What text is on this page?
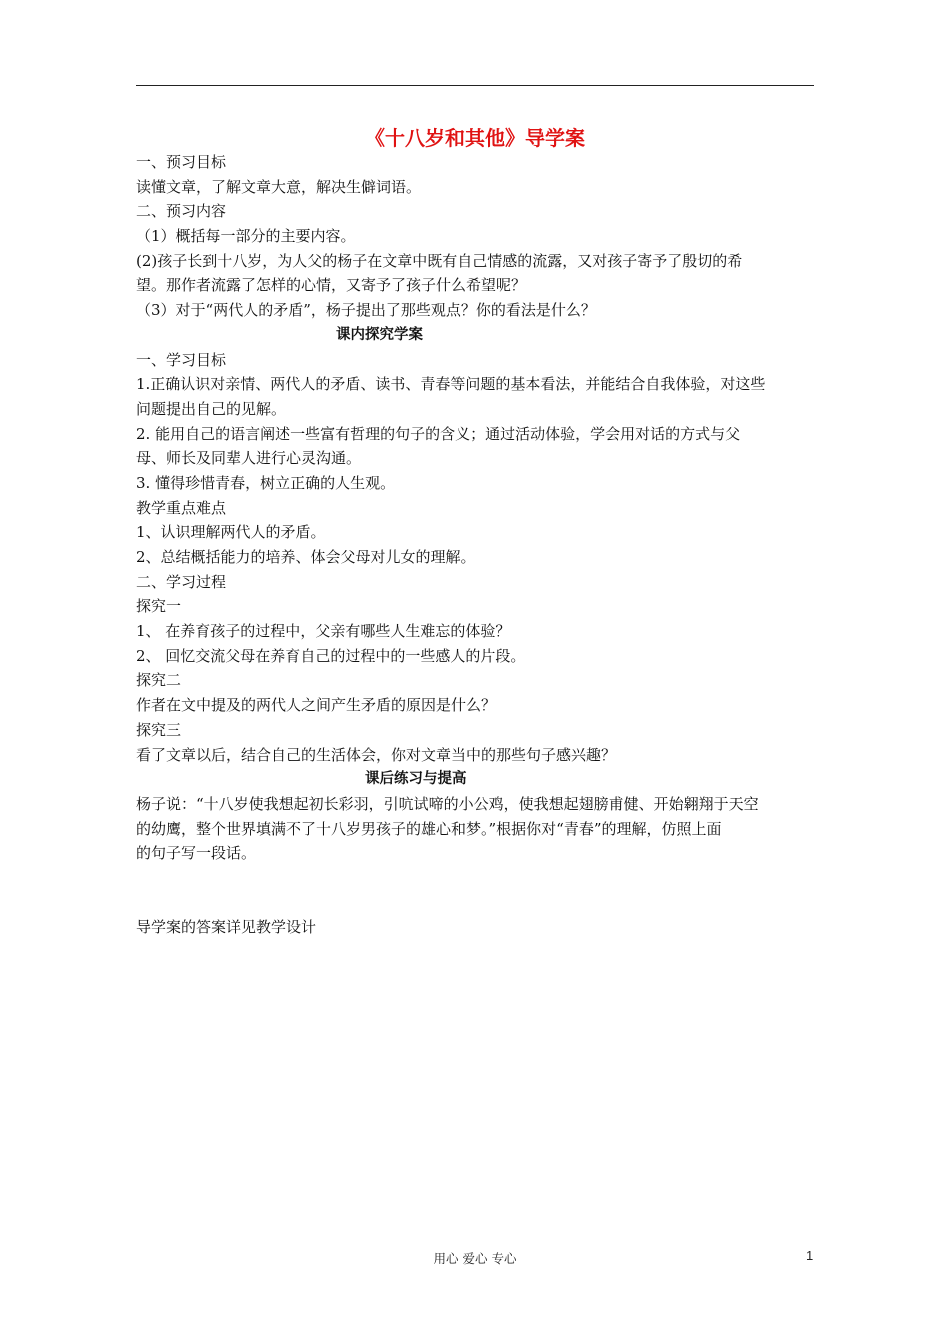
《十八岁和其他》导学案
一、预习目标
读懂文章，了解文章大意，解决生僻词语。
二、预习内容
（1）概括每一部分的主要内容。
(2)孩子长到十八岁，为人父的杨子在文章中既有自己情感的流露，又对孩子寄予了殷切的希
望。那作者流露了怎样的心情，又寄予了孩子什么希望呢？
（3）对于“两代人的矛盾”，杨子提出了那些观点？你的看法是什么？
课内探究学案
一、学习目标
1.正确认识对亲情、两代人的矛盾、读书、青春等问题的基本看法，并能结合自我体验，对这些
问题提出自己的见解。
2. 能用自己的语言阐述一些富有哲理的句子的含义；通过活动体验，学会用对话的方式与父
母、师长及同辈人进行心灵沟通。
3. 懂得珍惜青春，树立正确的人生观。
教学重点难点
1、认识理解两代人的矛盾。
2、总结概括能力的培养、体会父母对儿女的理解。
二、学习过程
探究一
1、 在养育孩子的过程中，父亲有哪些人生难忘的体验？
2、 回忆交流父母在养育自己的过程中的一些感人的片段。
探究二
作者在文中提及的两代人之间产生矛盾的原因是什么？
探究三
看了文章以后，结合自己的生活体会，你对文章当中的那些句子感兴趣？
课后练习与提高
杨子说：“十八岁使我想起初长彩羽，引吭试啼的小公鸡，使我想起翅膀甫健、开始翱翔于天空
的幼鹰，整个世界填满不了十八岁男孩子的雄心和梦。”根据你对“青春”的理解，仿照上面
的句子写一段话。
导学案的答案详见教学设计
用心 爱心 专心	1
